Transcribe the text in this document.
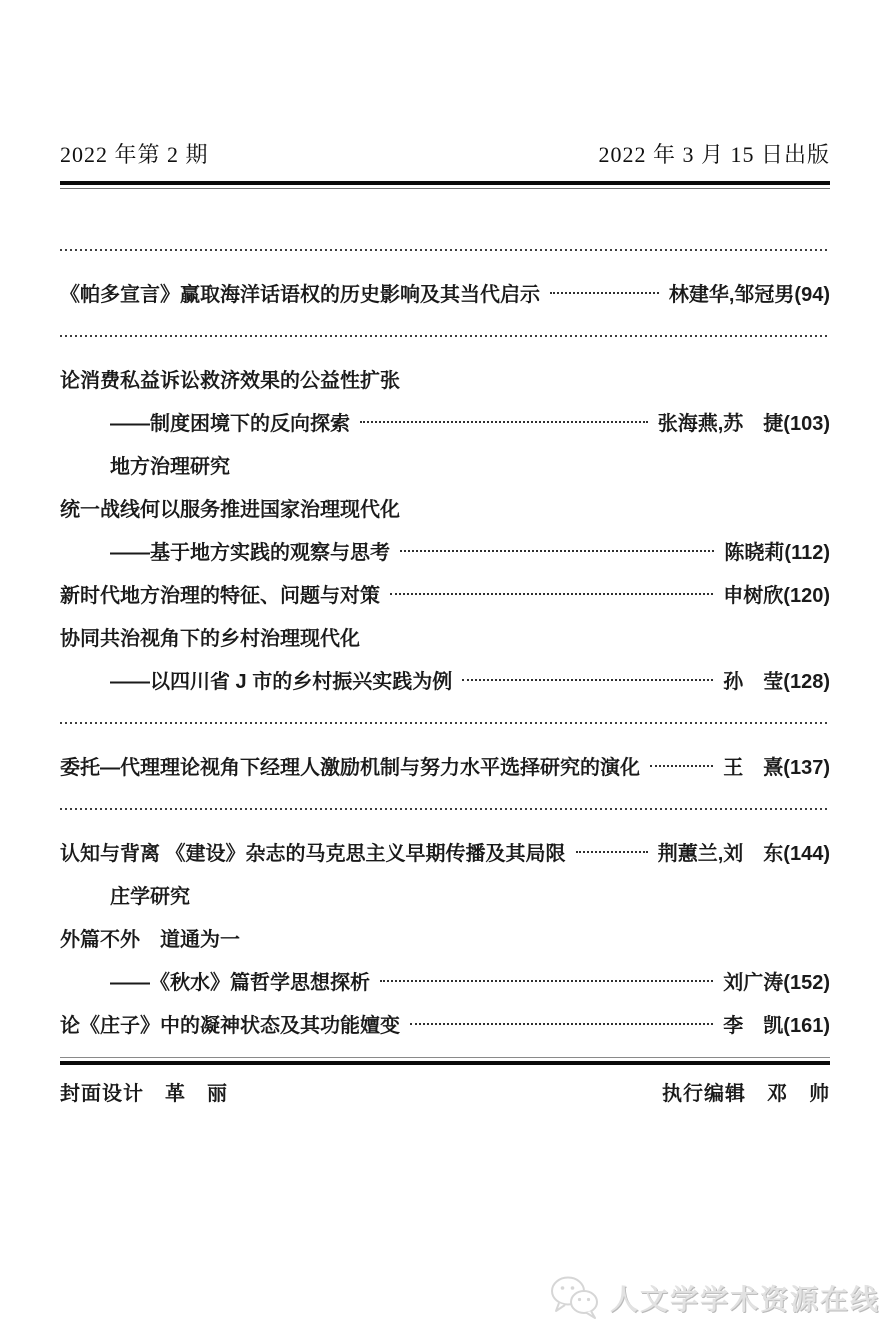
2022 年第 2 期	2022 年 3 月 15 日出版
《帕多宣言》赢取海洋话语权的历史影响及其当代启示	林建华,邹冠男(94)
论消费私益诉讼救济效果的公益性扩张
——制度困境下的反向探索	张海燕,苏　捷(103)
地方治理研究
统一战线何以服务推进国家治理现代化
——基于地方实践的观察与思考	陈晓莉(112)
新时代地方治理的特征、问题与对策	申树欣(120)
协同共治视角下的乡村治理现代化
——以四川省 J 市的乡村振兴实践为例	孙　莹(128)
委托—代理理论视角下经理人激励机制与努力水平选择研究的演化	王　熹(137)
认知与背离 《建设》杂志的马克思主义早期传播及其局限	荆蕙兰,刘　东(144)
庄学研究
外篇不外　道通为一
——《秋水》篇哲学思想探析	刘广涛(152)
论《庄子》中的凝神状态及其功能嬗变	李　凯(161)
封面设计　革　丽	执行编辑　邓　帅
人文学学术资源在线
